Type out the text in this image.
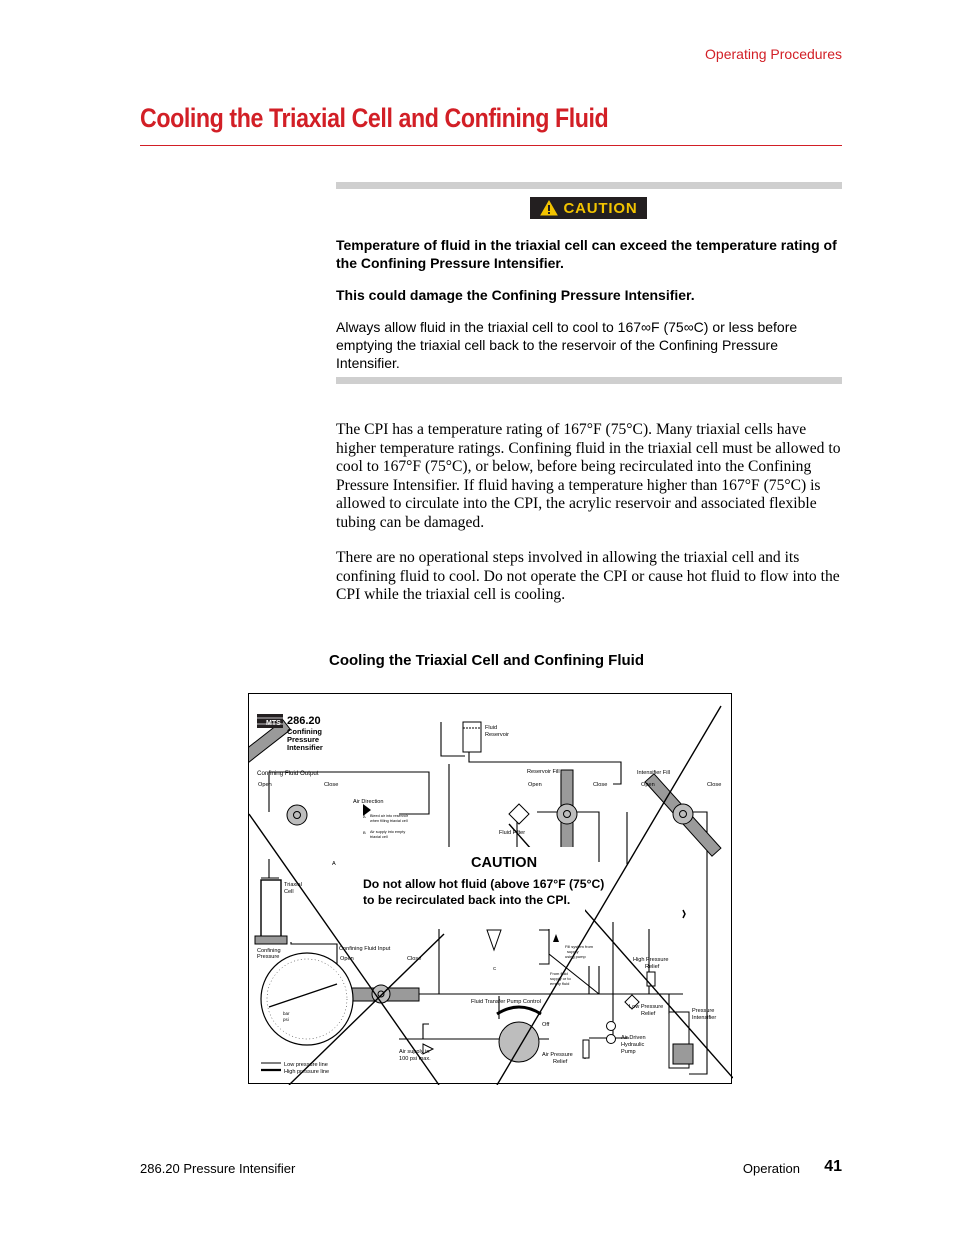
Operating Procedures
Cooling the Triaxial Cell and Confining Fluid
CAUTION
Temperature of fluid in the triaxial cell can exceed the temperature rating of the Confining Pressure Intensifier.
This could damage the Confining Pressure Intensifier.
Always allow fluid in the triaxial cell to cool to 167∞F (75∞C) or less before emptying the triaxial cell back to the reservoir of the Confining Pressure Intensifier.
The CPI has a temperature rating of 167°F (75°C). Many triaxial cells have higher temperature ratings. Confining fluid in the triaxial cell must be allowed to cool to 167°F (75°C), or below, before being recirculated into the Confining Pressure Intensifier. If fluid having a temperature higher than 167°F (75°C) is allowed to circulate into the CPI, the acrylic reservoir and associated flexible tubing can be damaged.
There are no operational steps involved in allowing the triaxial cell and its confining fluid to cool. Do not operate the CPI or cause hot fluid to flow into the CPI while the triaxial cell is cooling.
Cooling the Triaxial Cell and Confining Fluid
MTS 286.20
Confining
Pressure
Intensifier
Fluid
Reservoir
Confining Fluid Output
Open	Close
Reservoir Fill
Open	Close
Intensifier Fill
Open	Close
Air Direction
A Bleed air into reservoir
when filling triaxial cell
B Air supply into empty
triaxial cell
Fluid Filter
A
Triaxial
Cell
Confining
Pressure
Confining Fluid Input
Open	Close
bar
psi
C
Fill system from
supply
using pump
From fluid
supply or to
empty fluid
High Pressure
Relief
Fluid Transfer Pump Control
Off
Low Pressure
Relief	Pressure
Intensifier
Air Driven
Hydraulic
Pump
Air supply in
100 psi max.
Air Pressure
Relief
Low pressure line
High pressure line
CAUTION
Do not allow hot fluid (above 167°F (75°C)
to be recirculated back into the CPI.
286.20 Pressure Intensifier	Operation 41
